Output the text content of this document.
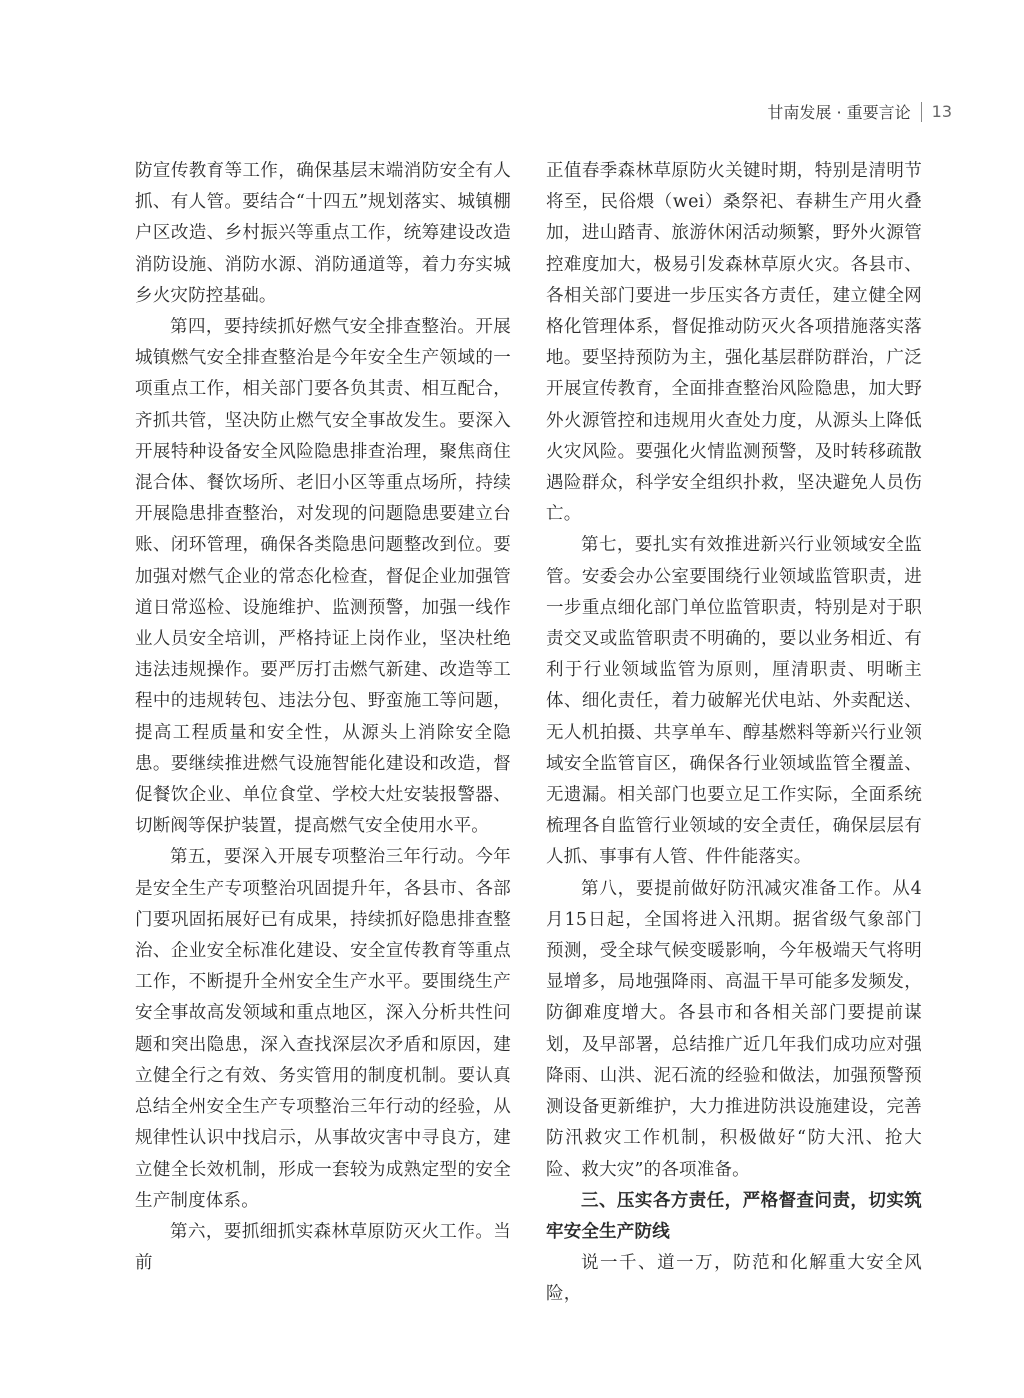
甘南发展 · 重要言论 13

防宣传教育等工作，确保基层末端消防安全有人抓、有人管。要结合“十四五”规划落实、城镇棚户区改造、乡村振兴等重点工作，统筹建设改造消防设施、消防水源、消防通道等，着力夯实城乡火灾防控基础。

第四，要持续抓好燃气安全排查整治。开展城镇燃气安全排查整治是今年安全生产领域的一项重点工作，相关部门要各负其责、相互配合，齐抓共管，坚决防止燃气安全事故发生。要深入开展特种设备安全风险隐患排查治理，聚焦商住混合体、餐饮场所、老旧小区等重点场所，持续开展隐患排查整治，对发现的问题隐患要建立台账、闭环管理，确保各类隐患问题整改到位。要加强对燃气企业的常态化检查，督促企业加强管道日常巡检、设施维护、监测预警，加强一线作业人员安全培训，严格持证上岗作业，坚决杜绝违法违规操作。要严厉打击燃气新建、改造等工程中的违规转包、违法分包、野蛮施工等问题，提高工程质量和安全性，从源头上消除安全隐患。要继续推进燃气设施智能化建设和改造，督促餐饮企业、单位食堂、学校大灶安装报警器、切断阀等保护装置，提高燃气安全使用水平。

第五，要深入开展专项整治三年行动。今年是安全生产专项整治巩固提升年，各县市、各部门要巩固拓展好已有成果，持续抓好隐患排查整治、企业安全标准化建设、安全宣传教育等重点工作，不断提升全州安全生产水平。要围绕生产安全事故高发领域和重点地区，深入分析共性问题和突出隐患，深入查找深层次矛盾和原因，建立健全行之有效、务实管用的制度机制。要认真总结全州安全生产专项整治三年行动的经验，从规律性认识中找启示，从事故灾害中寻良方，建立健全长效机制，形成一套较为成熟定型的安全生产制度体系。

第六，要抓细抓实森林草原防灭火工作。当前

正值春季森林草原防火关键时期，特别是清明节将至，民俗煨（wei）桑祭祀、春耕生产用火叠加，进山踏青、旅游休闲活动频繁，野外火源管控难度加大，极易引发森林草原火灾。各县市、各相关部门要进一步压实各方责任，建立健全网格化管理体系，督促推动防灭火各项措施落实落地。要坚持预防为主，强化基层群防群治，广泛开展宣传教育，全面排查整治风险隐患，加大野外火源管控和违规用火查处力度，从源头上降低火灾风险。要强化火情监测预警，及时转移疏散遇险群众，科学安全组织扑救，坚决避免人员伤亡。

第七，要扎实有效推进新兴行业领域安全监管。安委会办公室要围绕行业领域监管职责，进一步重点细化部门单位监管职责，特别是对于职责交叉或监管职责不明确的，要以业务相近、有利于行业领域监管为原则，厘清职责、明晰主体、细化责任，着力破解光伏电站、外卖配送、无人机拍摄、共享单车、醇基燃料等新兴行业领域安全监管盲区，确保各行业领域监管全覆盖、无遗漏。相关部门也要立足工作实际，全面系统梳理各自监管行业领域的安全责任，确保层层有人抓、事事有人管、件件能落实。

第八，要提前做好防汛减灾准备工作。从4月15日起，全国将进入汛期。据省级气象部门预测，受全球气候变暖影响，今年极端天气将明显增多，局地强降雨、高温干旱可能多发频发，防御难度增大。各县市和各相关部门要提前谋划，及早部署，总结推广近几年我们成功应对强降雨、山洪、泥石流的经验和做法，加强预警预测设备更新维护，大力推进防洪设施建设，完善防汛救灾工作机制，积极做好“防大汛、抢大险、救大灾”的各项准备。

三、压实各方责任，严格督查问责，切实筑牢安全生产防线

说一千、道一万，防范和化解重大安全风险，
